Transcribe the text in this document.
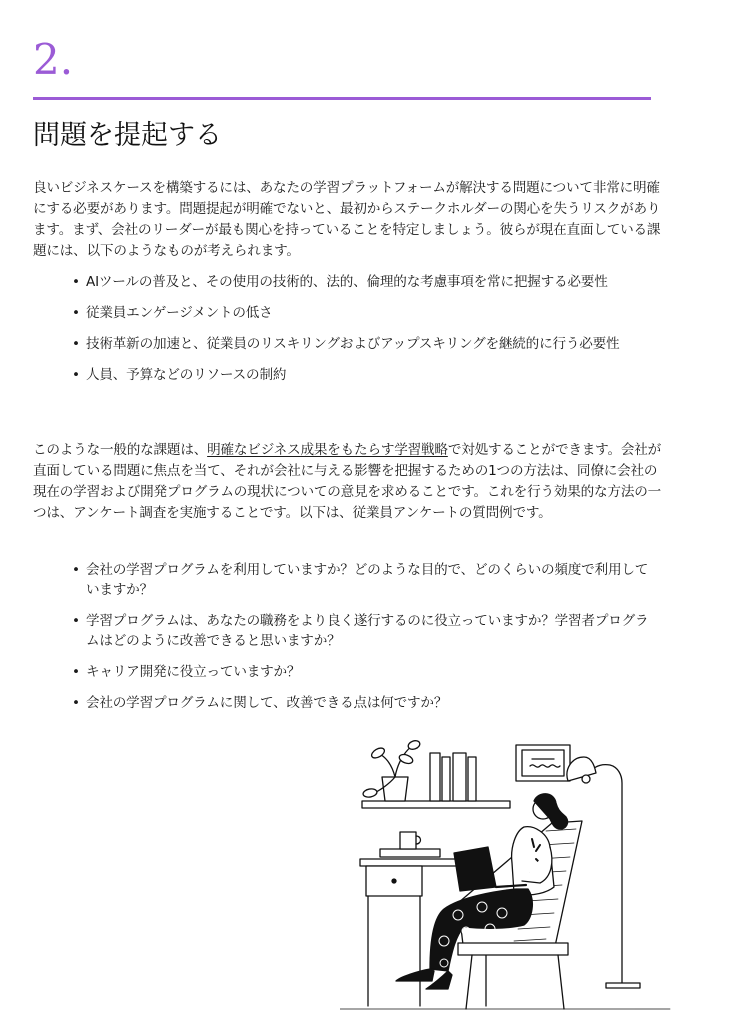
2.
問題を提起する

良いビジネスケースを構築するには、あなたの学習プラットフォームが解決する問題について非常に明確にする必要があります。問題提起が明確でないと、最初からステークホルダーの関心を失うリスクがあります。まず、会社のリーダーが最も関心を持っていることを特定しましょう。彼らが現在直面している課題には、以下のようなものが考えられます。

• AIツールの普及と、その使用の技術的、法的、倫理的な考慮事項を常に把握する必要性
• 従業員エンゲージメントの低さ
• 技術革新の加速と、従業員のリスキリングおよびアップスキリングを継続的に行う必要性
• 人員、予算などのリソースの制約

このような一般的な課題は、明確なビジネス成果をもたらす学習戦略で対処することができます。会社が直面している問題に焦点を当て、それが会社に与える影響を把握するための1つの方法は、同僚に会社の現在の学習および開発プログラムの現状についての意見を求めることです。これを行う効果的な方法の一つは、アンケート調査を実施することです。以下は、従業員アンケートの質問例です。

• 会社の学習プログラムを利用していますか？どのような目的で、どのくらいの頻度で利用していますか？
• 学習プログラムは、あなたの職務をより良く遂行するのに役立っていますか？学習者プログラムはどのように改善できると思いますか？
• キャリア開発に役立っていますか？
• 会社の学習プログラムに関して、改善できる点は何ですか？
